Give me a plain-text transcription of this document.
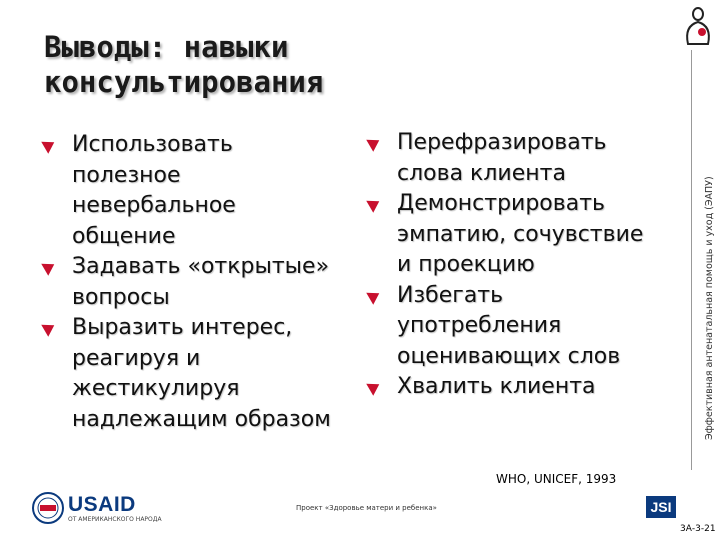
Выводы: навыки
консультирования
Использовать
полезное
невербальное
общение
Задавать «открытые»
вопросы
Выразить интерес,
реагируя и
жестикулируя
надлежащим образом
Перефразировать
слова клиента
Демонстрировать
эмпатию, сочувствие
и проекцию
Избегать
употребления
оценивающих слов
Хвалить клиента	Эффективная антенатальная помощь и уход (ЭАПУ)
WHO, UNICEF, 1993
USAID
ОТ АМЕРИКАНСКОГО НАРОДА
Проект «Здоровье матери и ребенка»	JSI
3А-3-21
